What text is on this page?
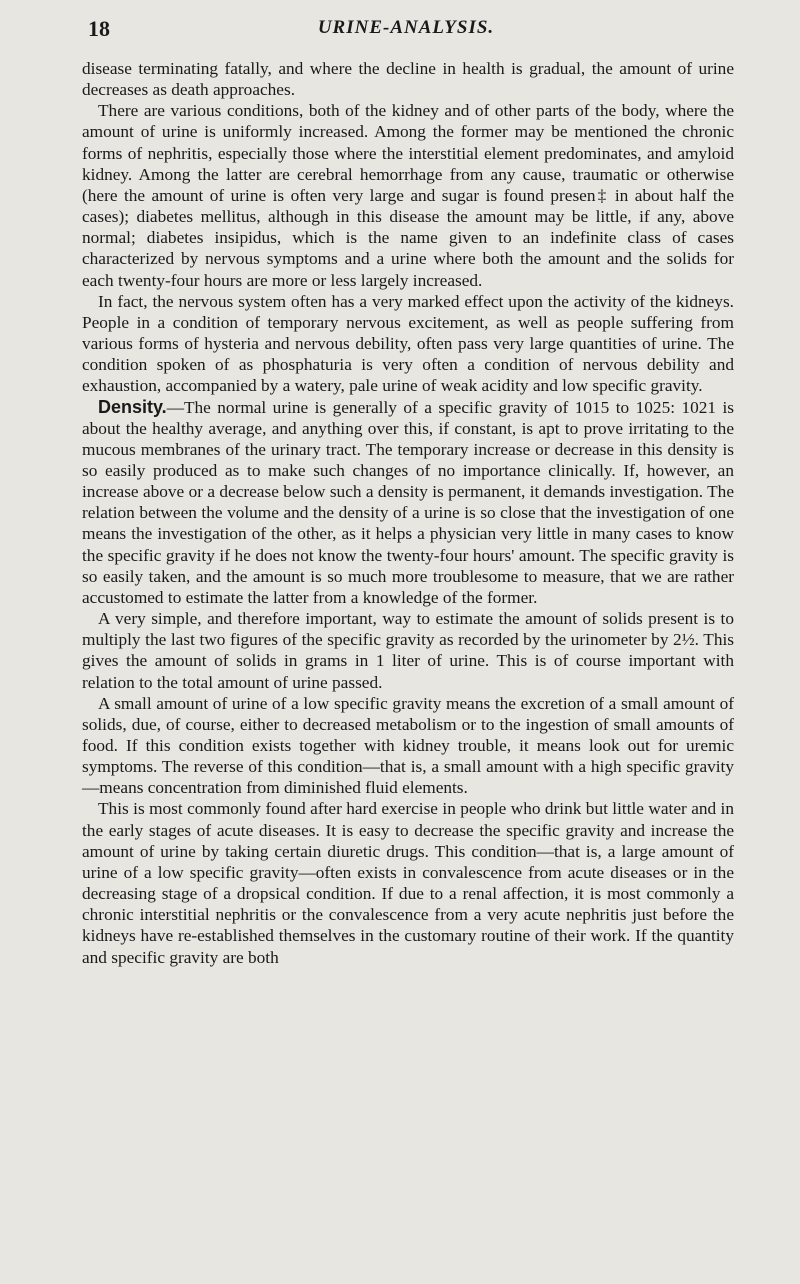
18	URINE-ANALYSIS.

disease terminating fatally, and where the decline in health is gradual, the amount of urine decreases as death approaches.

There are various conditions, both of the kidney and of other parts of the body, where the amount of urine is uniformly increased. Among the former may be mentioned the chronic forms of nephritis, especially those where the interstitial element predominates, and amyloid kidney. Among the latter are cerebral hemorrhage from any cause, traumatic or otherwise (here the amount of urine is often very large and sugar is found presen‡ in about half the cases); diabetes mellitus, although in this disease the amount may be little, if any, above normal; diabetes insipidus, which is the name given to an indefinite class of cases characterized by nervous symptoms and a urine where both the amount and the solids for each twenty-four hours are more or less largely increased.

In fact, the nervous system often has a very marked effect upon the activity of the kidneys. People in a condition of temporary nervous excitement, as well as people suffering from various forms of hysteria and nervous debility, often pass very large quantities of urine. The condition spoken of as phosphaturia is very often a condition of nervous debility and exhaustion, accompanied by a watery, pale urine of weak acidity and low specific gravity.

Density.—The normal urine is generally of a specific gravity of 1015 to 1025: 1021 is about the healthy average, and anything over this, if constant, is apt to prove irritating to the mucous membranes of the urinary tract. The temporary increase or decrease in this density is so easily produced as to make such changes of no importance clinically. If, however, an increase above or a decrease below such a density is permanent, it demands investigation. The relation between the volume and the density of a urine is so close that the investigation of one means the investigation of the other, as it helps a physician very little in many cases to know the specific gravity if he does not know the twenty-four hours' amount. The specific gravity is so easily taken, and the amount is so much more troublesome to measure, that we are rather accustomed to estimate the latter from a knowledge of the former.

A very simple, and therefore important, way to estimate the amount of solids present is to multiply the last two figures of the specific gravity as recorded by the urinometer by 2½. This gives the amount of solids in grams in 1 liter of urine. This is of course important with relation to the total amount of urine passed.

A small amount of urine of a low specific gravity means the excretion of a small amount of solids, due, of course, either to decreased metabolism or to the ingestion of small amounts of food. If this condition exists together with kidney trouble, it means look out for uremic symptoms. The reverse of this condition—that is, a small amount with a high specific gravity—means concentration from diminished fluid elements.

This is most commonly found after hard exercise in people who drink but little water and in the early stages of acute diseases. It is easy to decrease the specific gravity and increase the amount of urine by taking certain diuretic drugs. This condition—that is, a large amount of urine of a low specific gravity—often exists in convalescence from acute diseases or in the decreasing stage of a dropsical condition. If due to a renal affection, it is most commonly a chronic interstitial nephritis or the convalescence from a very acute nephritis just before the kidneys have re-established themselves in the customary routine of their work. If the quantity and specific gravity are both
